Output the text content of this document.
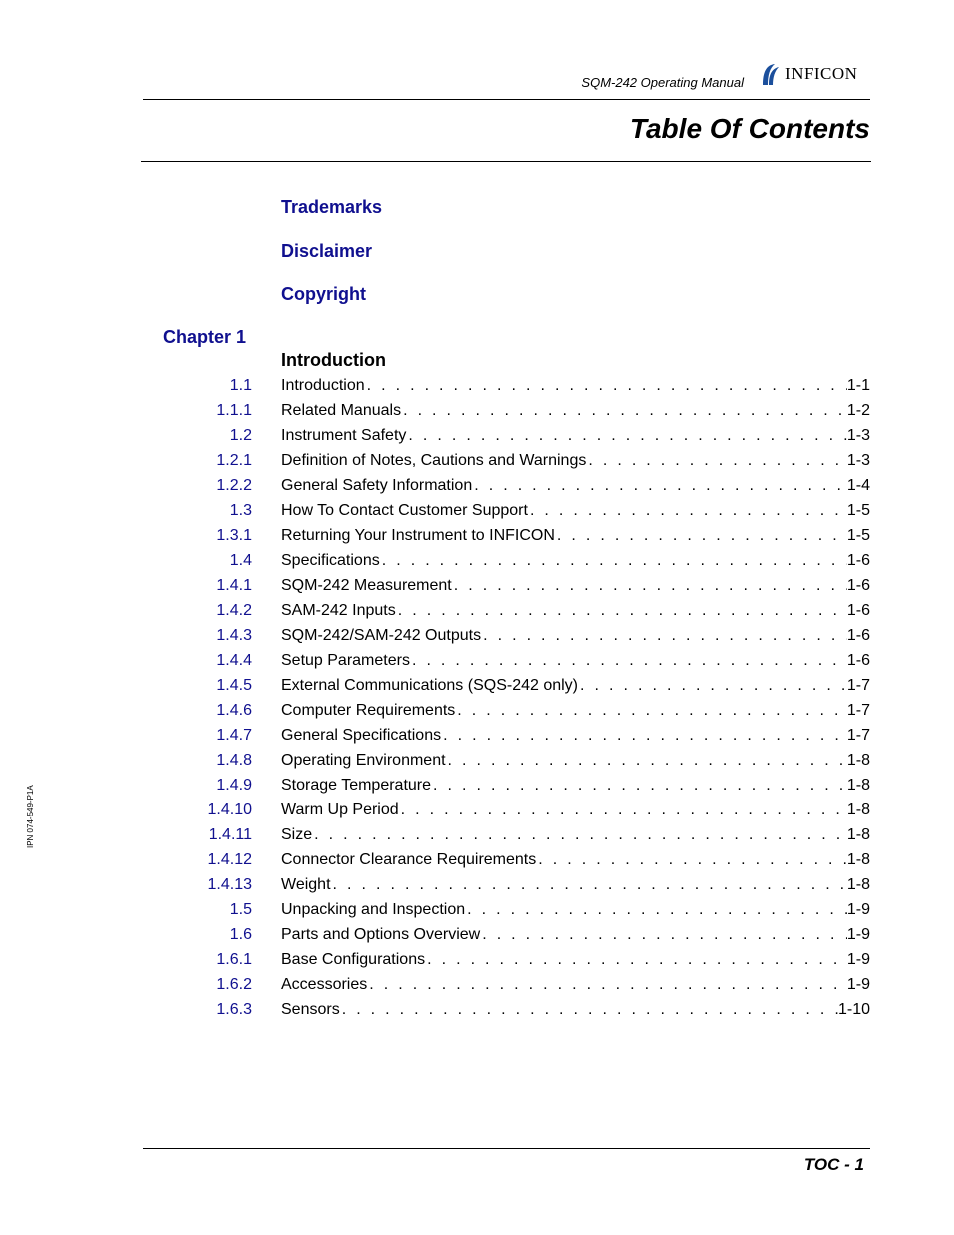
SQM-242 Operating Manual INFICON
Table Of Contents
Trademarks
Disclaimer
Copyright
Chapter 1
Introduction
1.1 Introduction . . .	1-1
1.1.1 Related Manuals . . .	1-2
1.2 Instrument Safety . . .	1-3
1.2.1 Definition of Notes, Cautions and Warnings . . .	1-3
1.2.2 General Safety Information . . .	1-4
1.3 How To Contact Customer Support . . .	1-5
1.3.1 Returning Your Instrument to INFICON . . .	1-5
1.4 Specifications . . .	1-6
1.4.1 SQM-242 Measurement . . .	1-6
1.4.2 SAM-242 Inputs . . .	1-6
1.4.3 SQM-242/SAM-242 Outputs . . .	1-6
1.4.4 Setup Parameters . . .	1-6
1.4.5 External Communications (SQS-242 only) . . .	1-7
1.4.6 Computer Requirements . . .	1-7
1.4.7 General Specifications . . .	1-7
1.4.8 Operating Environment . . .	1-8
1.4.9 Storage Temperature . . .	1-8
1.4.10 Warm Up Period . . .	1-8
1.4.11 Size . . .	1-8
1.4.12 Connector Clearance Requirements . . .	1-8
1.4.13 Weight . . .	1-8
1.5 Unpacking and Inspection . . .	1-9
1.6 Parts and Options Overview . . .	1-9
1.6.1 Base Configurations . . .	1-9
1.6.2 Accessories . . .	1-9
1.6.3 Sensors . . .	1-10
IPN 074-549-P1A
TOC - 1
